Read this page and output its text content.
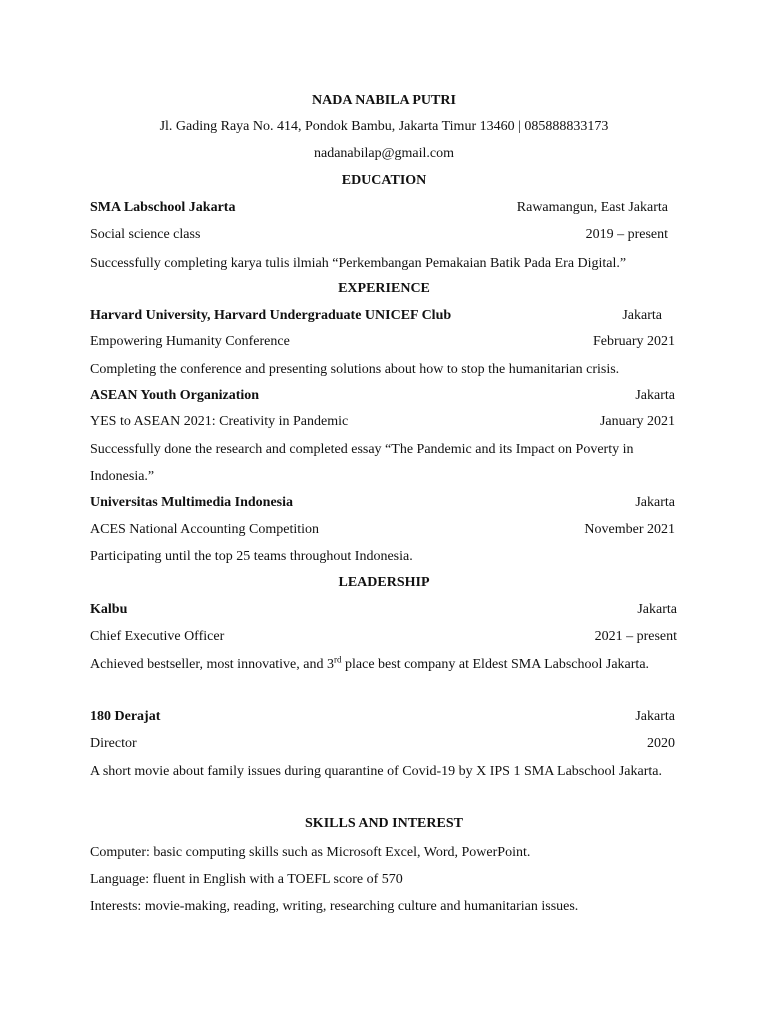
NADA NABILA PUTRI
Jl. Gading Raya No. 414, Pondok Bambu, Jakarta Timur 13460 | 085888833173
nadanabilap@gmail.com
EDUCATION
SMA Labschool Jakarta	Rawamangun, East Jakarta
Social science class	2019 – present
Successfully completing karya tulis ilmiah “Perkembangan Pemakaian Batik Pada Era Digital.”
EXPERIENCE
Harvard University, Harvard Undergraduate UNICEF Club	Jakarta
Empowering Humanity Conference	February 2021
Completing the conference and presenting solutions about how to stop the humanitarian crisis.
ASEAN Youth Organization	Jakarta
YES to ASEAN 2021: Creativity in Pandemic	January 2021
Successfully done the research and completed essay “The Pandemic and its Impact on Poverty in Indonesia.”
Universitas Multimedia Indonesia	Jakarta
ACES National Accounting Competition	November 2021
Participating until the top 25 teams throughout Indonesia.
LEADERSHIP
Kalbu	Jakarta
Chief Executive Officer	2021 – present
Achieved bestseller, most innovative, and 3rd place best company at Eldest SMA Labschool Jakarta.
180 Derajat	Jakarta
Director	2020
A short movie about family issues during quarantine of Covid-19 by X IPS 1 SMA Labschool Jakarta.
SKILLS AND INTEREST
Computer: basic computing skills such as Microsoft Excel, Word, PowerPoint.
Language: fluent in English with a TOEFL score of 570
Interests: movie-making, reading, writing, researching culture and humanitarian issues.
